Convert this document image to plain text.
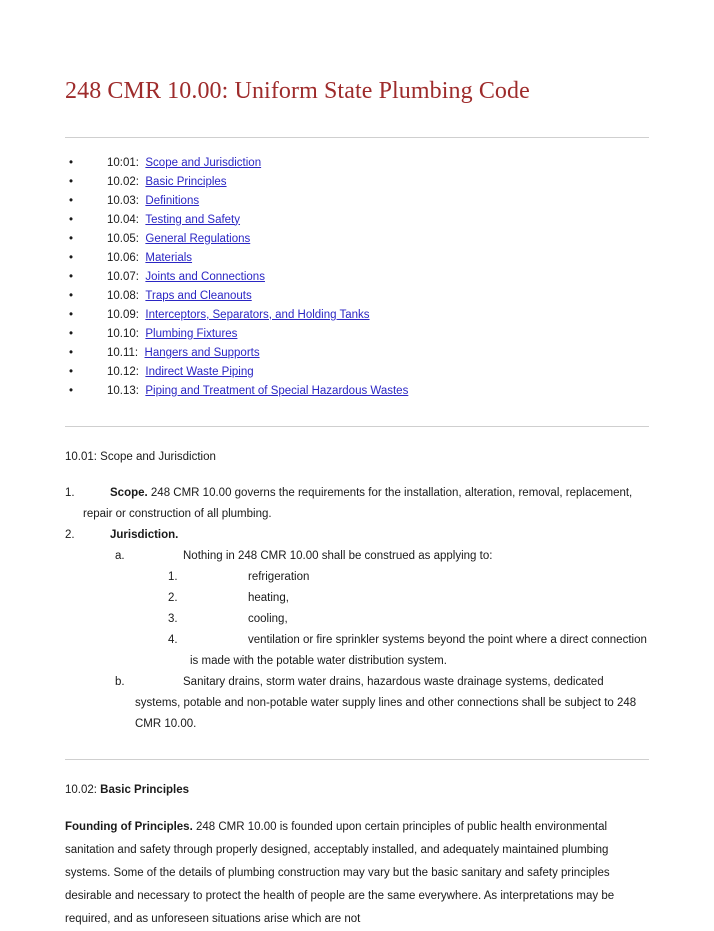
248 CMR 10.00: Uniform State Plumbing Code
•	10:01: Scope and Jurisdiction
•	10.02: Basic Principles
•	10.03: Definitions
•	10.04: Testing and Safety
•	10.05: General Regulations
•	10.06: Materials
•	10.07: Joints and Connections
•	10.08: Traps and Cleanouts
•	10.09: Interceptors, Separators, and Holding Tanks
•	10.10: Plumbing Fixtures
•	10.11: Hangers and Supports
•	10.12: Indirect Waste Piping
•	10.13: Piping and Treatment of Special Hazardous Wastes
10.01: Scope and Jurisdiction
1.	Scope. 248 CMR 10.00 governs the requirements for the installation, alteration, removal, replacement, repair or construction of all plumbing.
2.	Jurisdiction.
a.	Nothing in 248 CMR 10.00 shall be construed as applying to:
1.	refrigeration
2.	heating,
3.	cooling,
4.	ventilation or fire sprinkler systems beyond the point where a direct connection is made with the potable water distribution system.
b.	Sanitary drains, storm water drains, hazardous waste drainage systems, dedicated systems, potable and non-potable water supply lines and other connections shall be subject to 248 CMR 10.00.
10.02: Basic Principles

Founding of Principles. 248 CMR 10.00 is founded upon certain principles of public health environmental sanitation and safety through properly designed, acceptably installed, and adequately maintained plumbing systems. Some of the details of plumbing construction may vary but the basic sanitary and safety principles desirable and necessary to protect the health of people are the same everywhere. As interpretations may be required, and as unforeseen situations arise which are not
